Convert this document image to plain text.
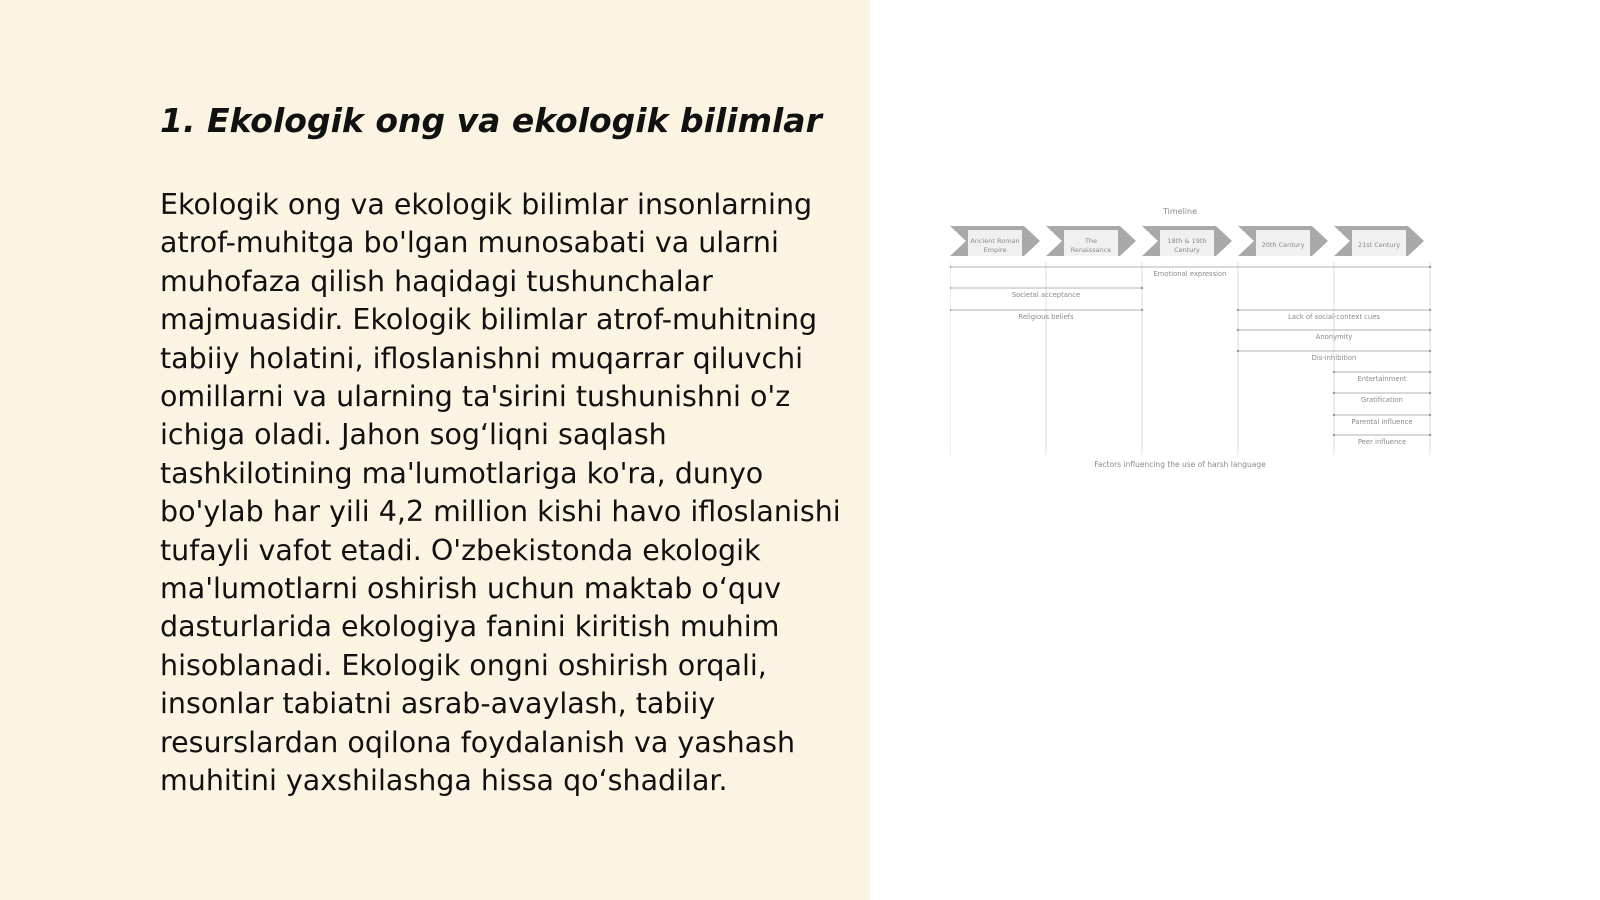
1. Ekologik ong va ekologik bilimlar

Ekologik ong va ekologik bilimlar insonlarning atrof-muhitga bo'lgan munosabati va ularni muhofaza qilish haqidagi tushunchalar majmuasidir. Ekologik bilimlar atrof-muhitning tabiiy holatini, ifloslanishni muqarrar qiluvchi omillarni va ularning ta'sirini tushunishni o'z ichiga oladi. Jahon sog‘liqni saqlash tashkilotining ma'lumotlariga ko'ra, dunyo bo'ylab har yili 4,2 million kishi havo ifloslanishi tufayli vafot etadi. O'zbekistonda ekologik ma'lumotlarni oshirish uchun maktab o‘quv dasturlarida ekologiya fanini kiritish muhim hisoblanadi. Ekologik ongni oshirish orqali, insonlar tabiatni asrab-avaylash, tabiiy resurslardan oqilona foydalanish va yashash muhitini yaxshilashga hissa qo‘shadilar.

Timeline
Ancient Roman
Empire
The
Renaissance
18th & 19th
Century
20th Century	21st Century
Emotional expression
Societal acceptance
Religious beliefs	Lack of social-context cues
Anonymity
Dis-inhibition
Entertainment
Gratification
Parental influence
Peer influence
Factors influencing the use of harsh language
